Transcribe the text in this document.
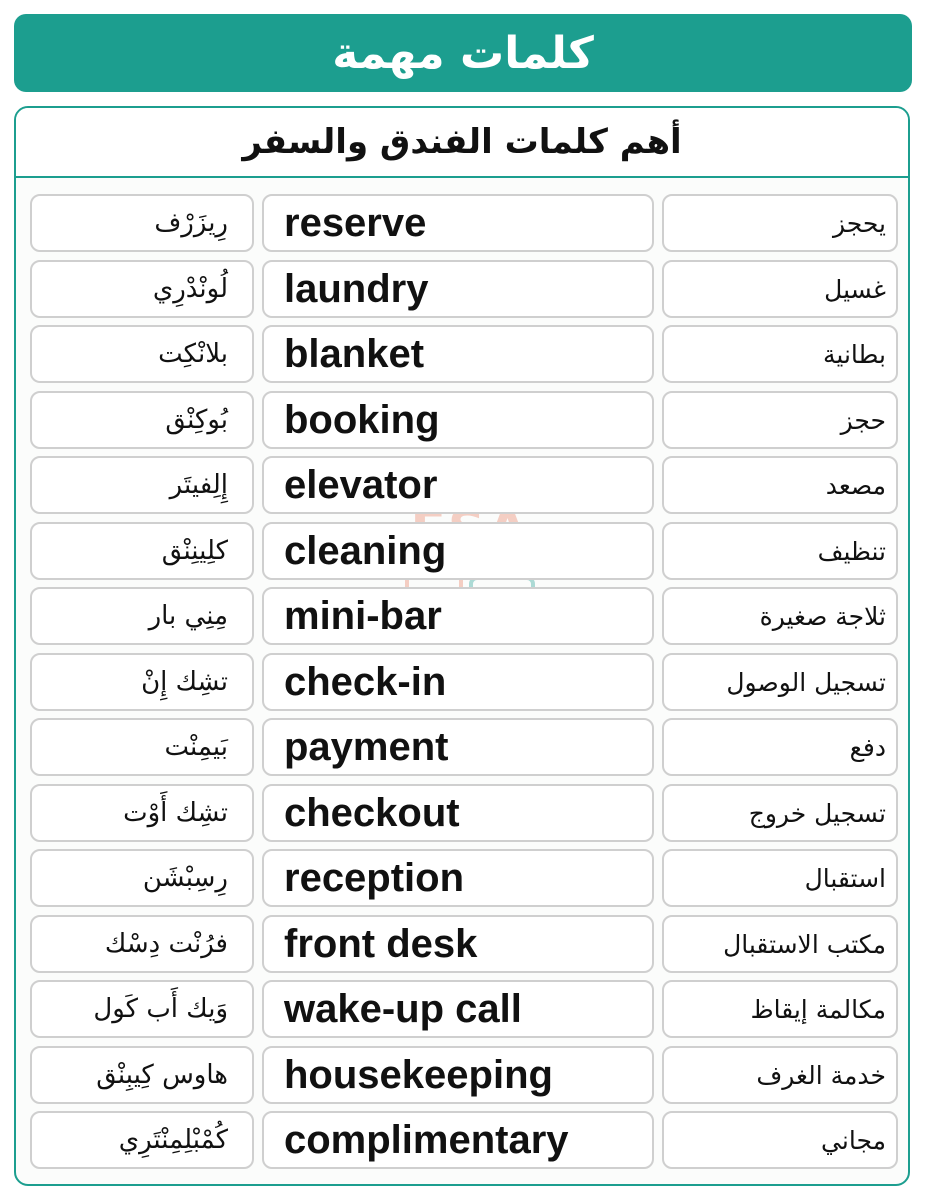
كلمات مهمة
أهم كلمات الفندق والسفر
رِيزَرْف reserve	يحجز
لُونْدْرِي laundry	غسيل
بلانْكِت blanket	بطانية
بُوكِنْق booking	حجز
إِلِفيتَر elevator	مصعد
كلِينِنْق cleaning	تنظيف
مِنِي بار mini-bar	ثلاجة صغيرة
تشِك إِنْ check-in	تسجيل الوصول
بَيمِنْت payment	دفع
تشِك أَوْت checkout	تسجيل خروج
رِسِبْشَن reception	استقبال
فرُنْت دِسْك front desk	مكتب الاستقبال
وَيك أَب كَول wake-up call	مكالمة إيقاظ
هاوس كِيبِنْق housekeeping	خدمة الغرف
كُمْبْلِمِنْتَرِي complimentary	مجاني
